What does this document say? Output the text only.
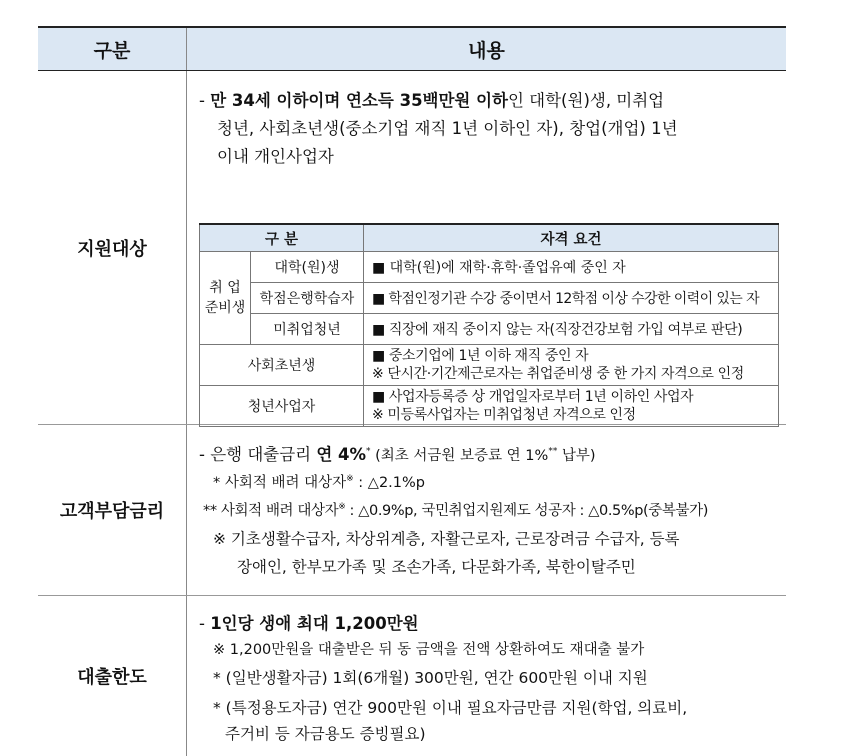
구분	내용
지원대상
- 만 34세 이하이며 연소득 35백만원 이하인 대학(원)생, 미취업
청년, 사회초년생(중소기업 재직 1년 이하인 자), 창업(개업) 1년
이내 개인사업자
구 분		자격 요건
취 업 준비생	대학(원)생	■ 대학(원)에 재학·휴학·졸업유예 중인 자
	학점은행학습자	■ 학점인정기관 수강 중이면서 12학점 이상 수강한 이력이 있는 자
	미취업청년	■ 직장에 재직 중이지 않는 자(직장건강보험 가입 여부로 판단)
사회초년생		■ 중소기업에 1년 이하 재직 중인 자
※ 단시간·기간제근로자는 취업준비생 중 한 가지 자격으로 인정

청년사업자		■ 사업자등록증 상 개업일자로부터 1년 이하인 사업자
※ 미등록사업자는 미취업청년 자격으로 인정
고객부담금리
- 은행 대출금리 연 4%* (최초 서금원 보증료 연 1%** 납부)
* 사회적 배려 대상자※ : △2.1%p
** 사회적 배려 대상자※ : △0.9%p, 국민취업지원제도 성공자 : △0.5%p(중복불가)
※ 기초생활수급자, 차상위계층, 자활근로자, 근로장려금 수급자, 등록
장애인, 한부모가족 및 조손가족, 다문화가족, 북한이탈주민
대출한도
- 1인당 생애 최대 1,200만원
※ 1,200만원을 대출받은 뒤 동 금액을 전액 상환하여도 재대출 불가
* (일반생활자금) 1회(6개월) 300만원, 연간 600만원 이내 지원
* (특정용도자금) 연간 900만원 이내 필요자금만큼 지원(학업, 의료비,
주거비 등 자금용도 증빙필요)
